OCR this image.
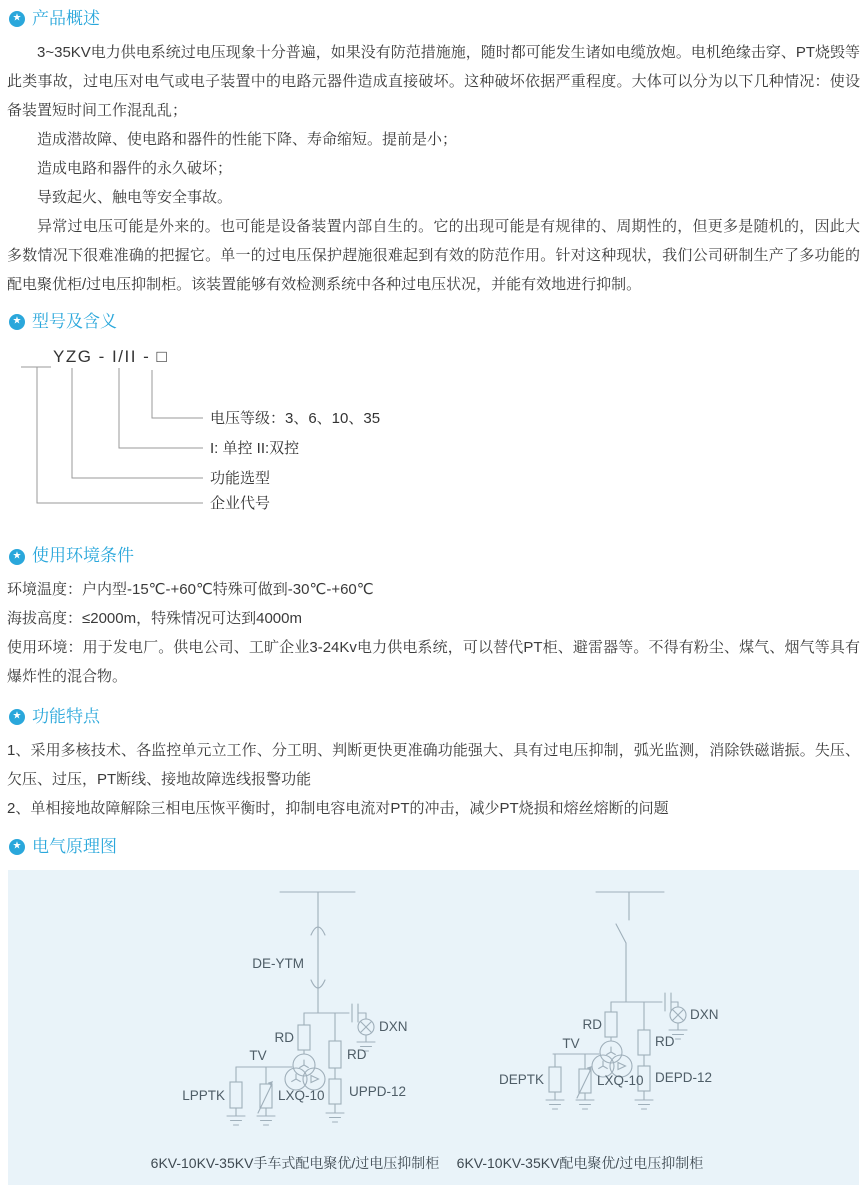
★ 产品概述

3~35KV电力供电系统过电压现象十分普遍，如果没有防范措施施，随时都可能发生诸如电缆放炮。电机绝缘击穿、PT烧毁等此类事故，过电压对电气或电子装置中的电路元器件造成直接破坏。这种破坏依据严重程度。大体可以分为以下几种情况：使设备装置短时间工作混乱乱；

造成潜故障、使电路和器件的性能下降、寿命缩短。提前是小；

造成电路和器件的永久破坏；

导致起火、触电等安全事故。

异常过电压可能是外来的。也可能是设备装置内部自生的。它的出现可能是有规律的、周期性的，但更多是随机的，因此大多数情况下很难准确的把握它。单一的过电压保护趕施很难起到有效的防范作用。针对这种现状，我们公司研制生产了多功能的配电聚优柜/过电压抑制柜。该装置能够有效检测系统中各种过电压状况，并能有效地进行抑制。

★ 型号及含义
YZG - I/II - □
电压等级：3、6、10、35
I: 单控 II:双控
功能选型
企业代号
★ 使用环境条件

环境温度：户内型-15℃-+60℃特殊可做到-30℃-+60℃

海拔高度：≤2000m，特殊情况可达到4000m

使用环境：用于发电厂。供电公司、工旷企业3-24Kv电力供电系统，可以替代PT柜、避雷器等。不得有粉尘、煤气、烟气等具有爆炸性的混合物。

★ 功能特点

1、采用多核技术、各监控单元立工作、分工明、判断更快更准确功能强大、具有过电压抑制，弧光监测，消除铁磁谐振。失压、欠压、过压，PT断线、接地故障选线报警功能

2、单相接地故障解除三相电压恢平衡时，抑制电容电流对PT的冲击，减少PT烧损和熔丝熔断的问题

★ 电气原理图
DE-YTM
RD
TV
LPPTK	LXQ-10
RD
UPPD-12
DXN	RD
TV
DEPTK	LXQ-10
RD
DEPD-12
DXN
6KV-10KV-35KV手车式配电聚优/过电压抑制柜	6KV-10KV-35KV配电聚优/过电压抑制柜
